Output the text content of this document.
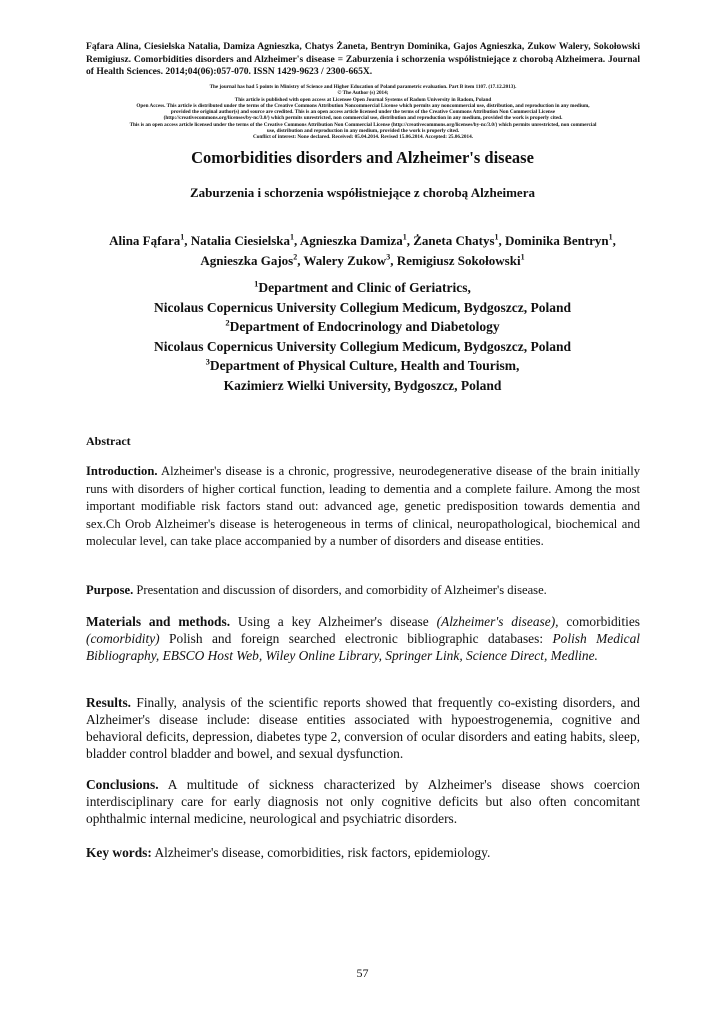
Fąfara Alina, Ciesielska Natalia, Damiza Agnieszka, Chatys Żaneta, Bentryn Dominika, Gajos Agnieszka, Zukow Walery, Sokołowski Remigiusz. Comorbidities disorders and Alzheimer's disease = Zaburzenia i schorzenia współistniejące z chorobą Alzheimera. Journal of Health Sciences. 2014;04(06):057-070. ISSN 1429-9623 / 2300-665X.
The journal has had 5 points in Ministry of Science and Higher Education of Poland parametric evaluation. Part B item 1107. (17.12.2013).
© The Author (s) 2014;
This article is published with open access at Licensee Open Journal Systems of Radom University in Radom, Poland
Open Access. This article is distributed under the terms of the Creative Commons Attribution Noncommercial License which permits any noncommercial use, distribution, and reproduction in any medium,
provided the original author(s) and source are credited. This is an open access article licensed under the terms of the Creative Commons Attribution Non Commercial License
(http://creativecommons.org/licenses/by-nc/3.0/) which permits unrestricted, non commercial use, distribution and reproduction in any medium, provided the work is properly cited.
This is an open access article licensed under the terms of the Creative Commons Attribution Non Commercial License (http://creativecommons.org/licenses/by-nc/3.0/) which permits unrestricted, non commercial
use, distribution and reproduction in any medium, provided the work is properly cited.
Conflict of interest: None declared. Received: 05.04.2014. Revised 15.06.2014. Accepted: 25.06.2014.
Comorbidities disorders and Alzheimer's disease
Zaburzenia i schorzenia współistniejące z chorobą Alzheimera
Alina Fąfara$^1$, Natalia Ciesielska$^1$, Agnieszka Damiza$^1$, Żaneta Chatys$^1$, Dominika Bentryn$^1$,
Agnieszka Gajos$^2$, Walery Zukow$^3$, Remigiusz Sokołowski$^1$
$^1$Department and Clinic of Geriatrics,
Nicolaus Copernicus University Collegium Medicum, Bydgoszcz, Poland
$^2$Department of Endocrinology and Diabetology
Nicolaus Copernicus University Collegium Medicum, Bydgoszcz, Poland
$^3$Department of Physical Culture, Health and Tourism,
Kazimierz Wielki University, Bydgoszcz, Poland
Abstract
Introduction. Alzheimer's disease is a chronic, progressive, neurodegenerative disease of the brain initially runs with disorders of higher cortical function, leading to dementia and a complete failure. Among the most important modifiable risk factors stand out: advanced age, genetic predisposition towards dementia and sex.Ch Orob Alzheimer's disease is heterogeneous in terms of clinical, neuropathological, biochemical and molecular level, can take place accompanied by a number of disorders and disease entities.
Purpose. Presentation and discussion of disorders, and comorbidity of Alzheimer's disease.
Materials and methods. Using a key Alzheimer's disease (Alzheimer's disease), comorbidities (comorbidity) Polish and foreign searched electronic bibliographic databases: Polish Medical Bibliography, EBSCO Host Web, Wiley Online Library, Springer Link, Science Direct, Medline.
Results. Finally, analysis of the scientific reports showed that frequently co-existing disorders, and Alzheimer's disease include: disease entities associated with hypoestrogenemia, cognitive and behavioral deficits, depression, diabetes type 2, conversion of ocular disorders and eating habits, sleep, bladder control bladder and bowel, and sexual dysfunction.
Conclusions. A multitude of sickness characterized by Alzheimer's disease shows coercion interdisciplinary care for early diagnosis not only cognitive deficits but also often concomitant ophthalmic internal medicine, neurological and psychiatric disorders.
Key words: Alzheimer's disease, comorbidities, risk factors, epidemiology.
57
